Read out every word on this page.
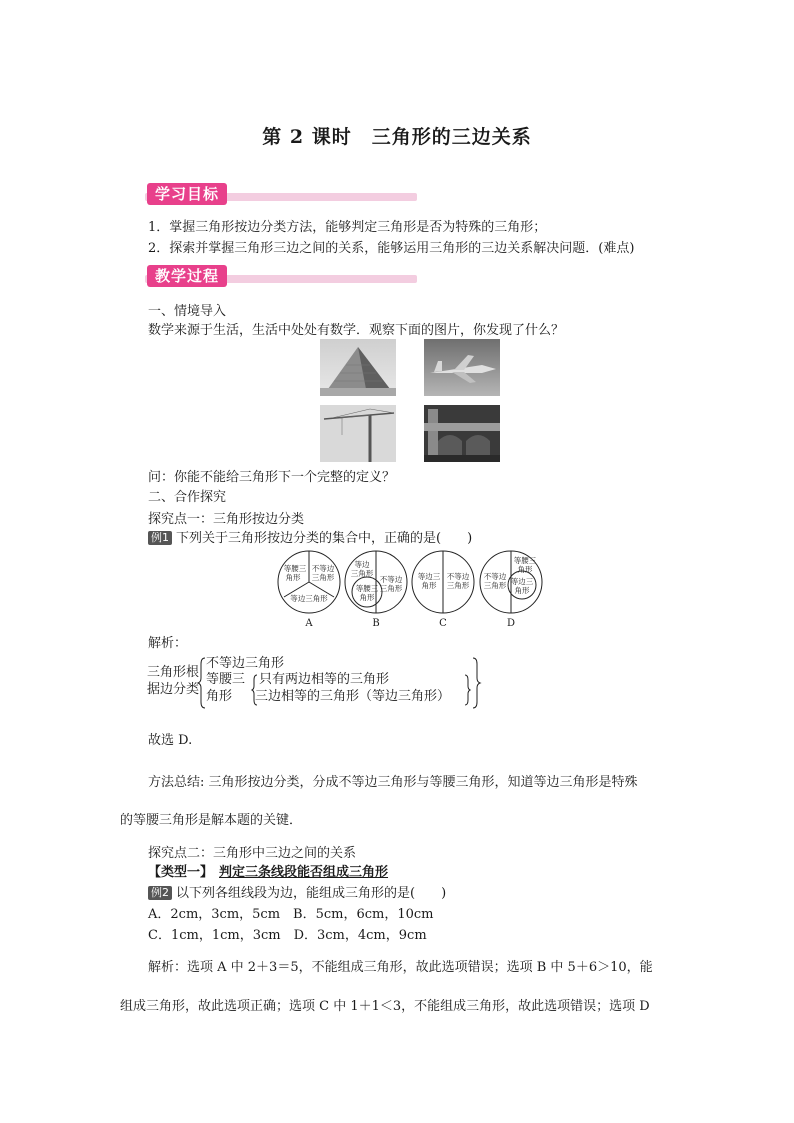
第 2 课时　三角形的三边关系
学习目标
1．掌握三角形按边分类方法，能够判定三角形是否为特殊的三角形；
2．探索并掌握三角形三边之间的关系，能够运用三角形的三边关系解决问题．(难点)
教学过程
一、情境导入
数学来源于生活，生活中处处有数学．观察下面的图片，你发现了什么？
问：你能不能给三角形下一个完整的定义？
二、合作探究
探究点一：三角形按边分类
例1 下列关于三角形按边分类的集合中，正确的是(　　)
等腰三
角形
不等边
三角形
等边三角形
A
等边
三角形
不等边
三角形
等腰三
角形
B
等边三
角形
不等边
三角形
C
不等边
三角形
等腰三
角形
等边三
角形
D
解析：
三角形根
据边分类
不等边三角形
等腰三
角形
只有两边相等的三角形
三边相等的三角形（等边三角形）
故选 D.
方法总结: 三角形按边分类，分成不等边三角形与等腰三角形，知道等边三角形是特殊
的等腰三角形是解本题的关键．
探究点二：三角形中三边之间的关系
【类型一】 判定三条线段能否组成三角形
例2 以下列各组线段为边，能组成三角形的是(　　)
A．2cm，3cm，5cm　B．5cm，6cm，10cm
C．1cm，1cm，3cm　D．3cm，4cm，9cm
解析：选项 A 中 2＋3＝5，不能组成三角形，故此选项错误；选项 B 中 5＋6＞10，能
组成三角形，故此选项正确；选项 C 中 1＋1＜3，不能组成三角形，故此选项错误；选项 D
